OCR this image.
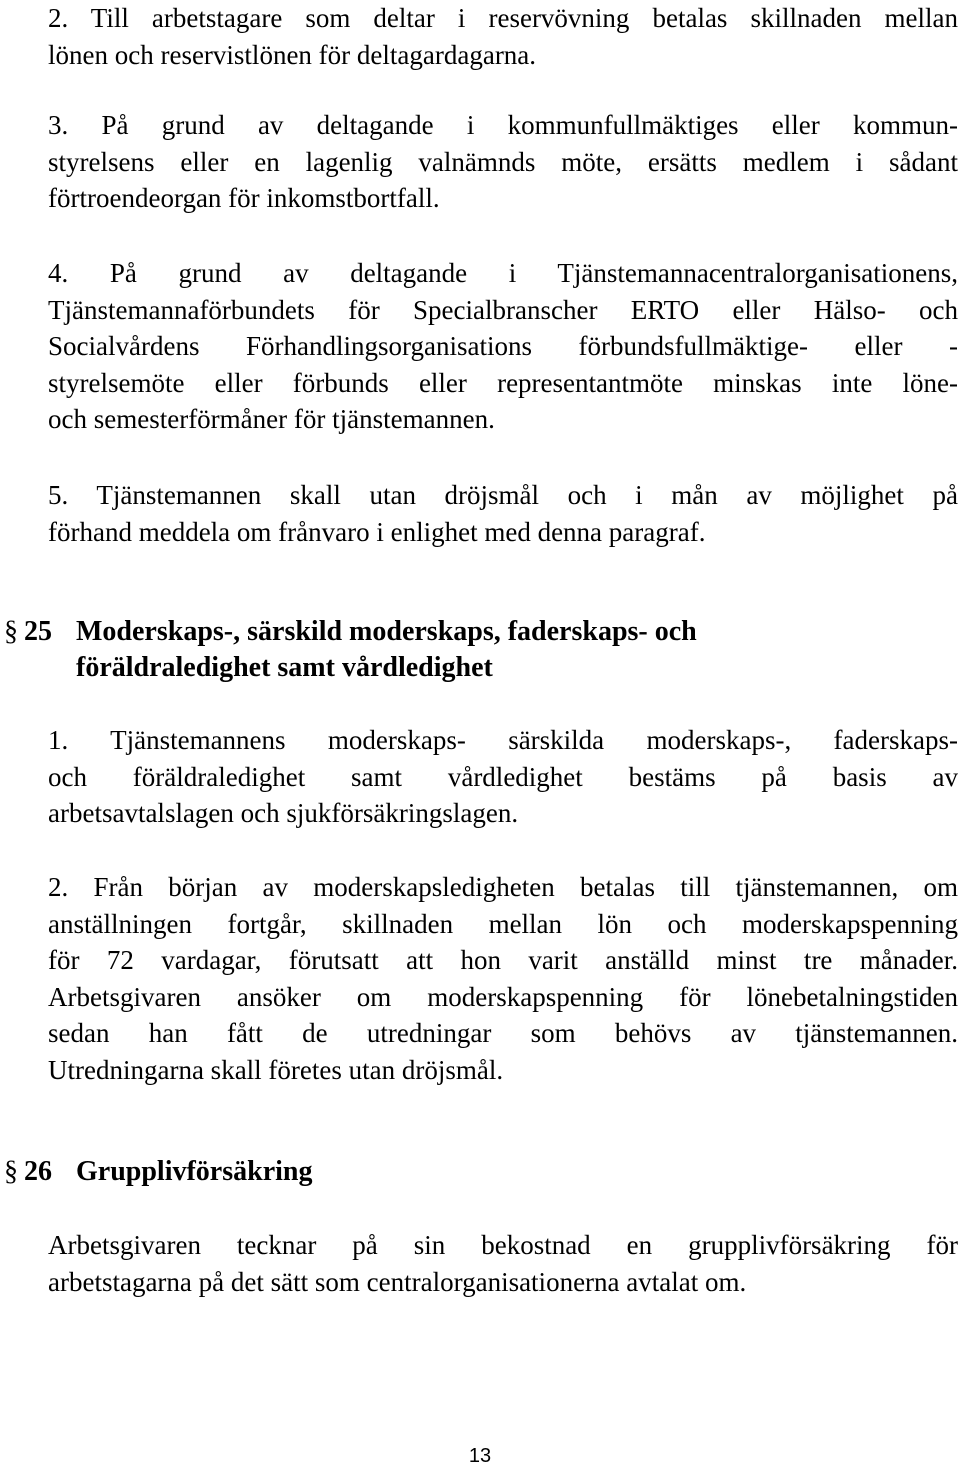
2. Till arbetstagare som deltar i reservövning betalas skillnaden mellan
lönen och reservistlönen för deltagardagarna.
3. På grund av deltagande i kommunfullmäktiges eller kommun-
styrelsens eller en lagenlig valnämnds möte, ersätts medlem i sådant
förtroendeorgan för inkomstbortfall.
4. På grund av deltagande i Tjänstemannacentralorganisationens,
Tjänstemannaförbundets för Specialbranscher ERTO eller Hälso- och
Socialvårdens Förhandlingsorganisations förbundsfullmäktige- eller -
styrelsemöte eller förbunds eller representantmöte minskas inte löne-
och semesterförmåner för tjänstemannen.
5. Tjänstemannen skall utan dröjsmål och i mån av möjlighet på
förhand meddela om frånvaro i enlighet med denna paragraf.
§ 25 Moderskaps-, särskild moderskaps, faderskaps- och
föräldraledighet samt vårdledighet
1. Tjänstemannens moderskaps- särskilda moderskaps-, faderskaps-
och föräldraledighet samt vårdledighet bestäms på basis av
arbetsavtalslagen och sjukförsäkringslagen.
2. Från början av moderskapsledigheten betalas till tjänstemannen, om
anställningen fortgår, skillnaden mellan lön och moderskapspenning
för 72 vardagar, förutsatt att hon varit anställd minst tre månader.
Arbetsgivaren ansöker om moderskapspenning för lönebetalningstiden
sedan han fått de utredningar som behövs av tjänstemannen.
Utredningarna skall företes utan dröjsmål.
§ 26 Grupplivförsäkring
Arbetsgivaren tecknar på sin bekostnad en grupplivförsäkring för
arbetstagarna på det sätt som centralorganisationerna avtalat om.
13
